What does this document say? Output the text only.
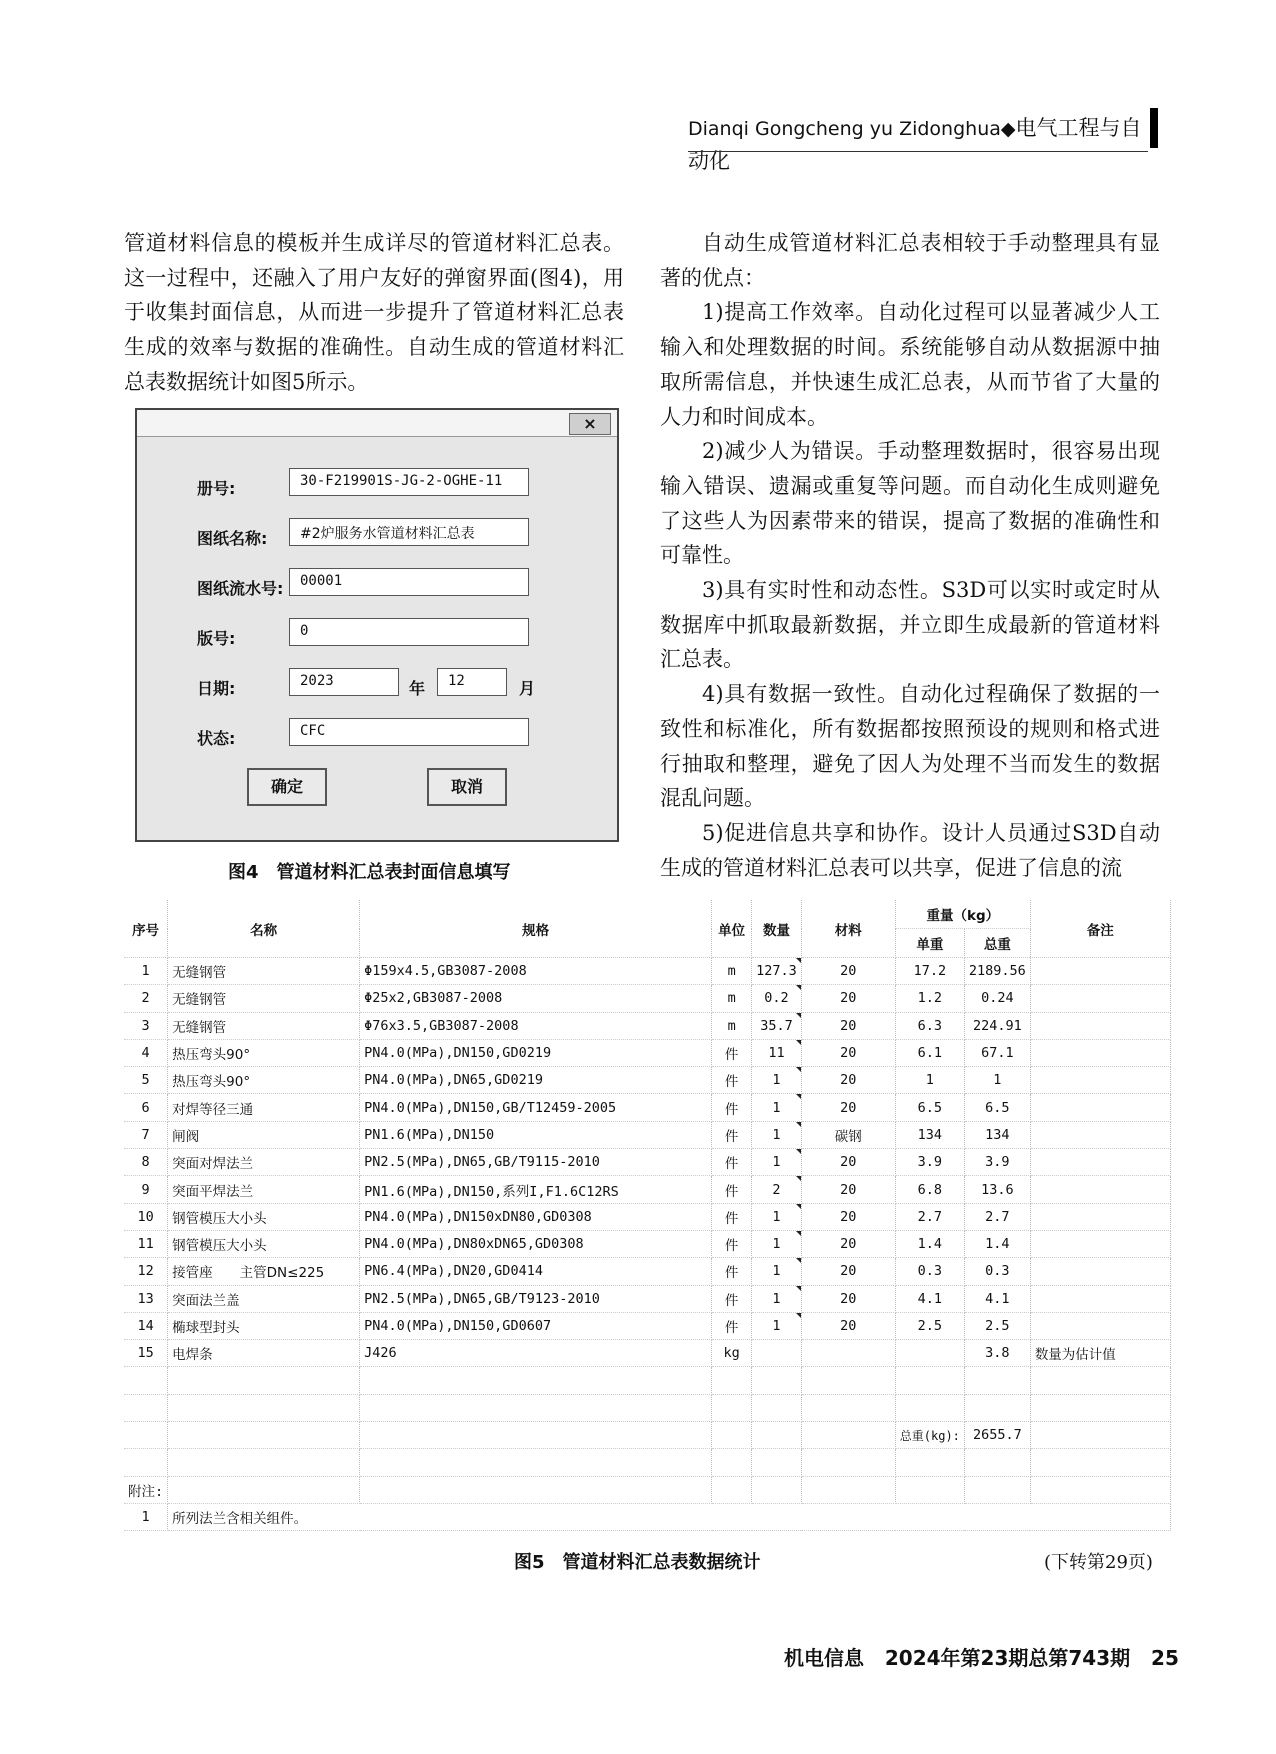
Dianqi Gongcheng yu Zidonghua◆电气工程与自动化

管道材料信息的模板并生成详尽的管道材料汇总表。这一过程中，还融入了用户友好的弹窗界面(图4)，用于收集封面信息，从而进一步提升了管道材料汇总表生成的效率与数据的准确性。自动生成的管道材料汇总表数据统计如图5所示。

自动生成管道材料汇总表相较于手动整理具有显著的优点：

1)提高工作效率。自动化过程可以显著减少人工输入和处理数据的时间。系统能够自动从数据源中抽取所需信息，并快速生成汇总表，从而节省了大量的人力和时间成本。

2)减少人为错误。手动整理数据时，很容易出现输入错误、遗漏或重复等问题。而自动化生成则避免了这些人为因素带来的错误，提高了数据的准确性和可靠性。

3)具有实时性和动态性。S3D可以实时或定时从数据库中抓取最新数据，并立即生成最新的管道材料汇总表。

4)具有数据一致性。自动化过程确保了数据的一致性和标准化，所有数据都按照预设的规则和格式进行抽取和整理，避免了因人为处理不当而发生的数据混乱问题。

5)促进信息共享和协作。设计人员通过S3D自动生成的管道材料汇总表可以共享，促进了信息的流

×
册号:	30-F219901S-JG-2-OGHE-11
图纸名称:	#2炉服务水管道材料汇总表
图纸流水号:	00001
版号:	0
日期:	2023	年	12	月
状态:	CFC
确定	取消
图4　管道材料汇总表封面信息填写
序号	名称	规格	单位	数量	材料	重量（kg）		备注
						单重	总重	
1	无缝钢管	Φ159x4.5,GB3087-2008	m	127.3	20	17.2	2189.56	
2	无缝钢管	Φ25x2,GB3087-2008	m	0.2	20	1.2	0.24	
3	无缝钢管	Φ76x3.5,GB3087-2008	m	35.7	20	6.3	224.91	
4	热压弯头90°	PN4.0(MPa),DN150,GD0219	件	11	20	6.1	67.1	
5	热压弯头90°	PN4.0(MPa),DN65,GD0219	件	1	20	1	1	
6	对焊等径三通	PN4.0(MPa),DN150,GB/T12459-2005	件	1	20	6.5	6.5	
7	闸阀	PN1.6(MPa),DN150	件	1	碳钢	134	134	
8	突面对焊法兰	PN2.5(MPa),DN65,GB/T9115-2010	件	1	20	3.9	3.9	
9	突面平焊法兰	PN1.6(MPa),DN150,系列I,F1.6C12RS	件	2	20	6.8	13.6	
10	钢管模压大小头	PN4.0(MPa),DN150xDN80,GD0308	件	1	20	2.7	2.7	
11	钢管模压大小头	PN4.0(MPa),DN80xDN65,GD0308	件	1	20	1.4	1.4	
12	接管座　　主管DN≤225	PN6.4(MPa),DN20,GD0414	件	1	20	0.3	0.3	
13	突面法兰盖	PN2.5(MPa),DN65,GB/T9123-2010	件	1	20	4.1	4.1	
14	椭球型封头	PN4.0(MPa),DN150,GD0607	件	1	20	2.5	2.5	
15	电焊条	J426	kg				3.8	数量为估计值

						总重(kg):	2655.7	

附注:								
1	所列法兰含相关组件。							
图5　管道材料汇总表数据统计	(下转第29页)
机电信息 2024年第23期总第743期 25
